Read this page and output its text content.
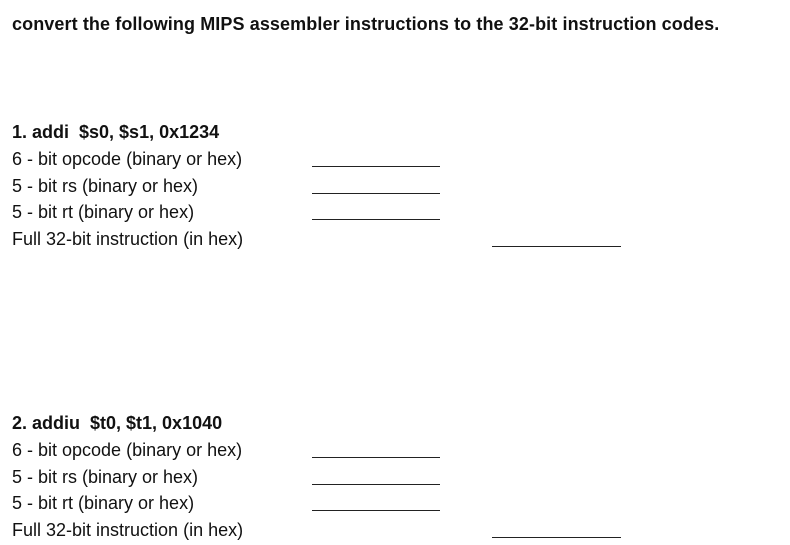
convert the following MIPS assembler instructions to the 32-bit instruction codes.
1. addi  $s0, $s1, 0x1234
6 - bit opcode (binary or hex)
5 - bit rs (binary or hex)
5 - bit rt (binary or hex)
Full 32-bit instruction (in hex)
2. addiu  $t0, $t1, 0x1040
6 - bit opcode (binary or hex)
5 - bit rs (binary or hex)
5 - bit rt (binary or hex)
Full 32-bit instruction (in hex)
